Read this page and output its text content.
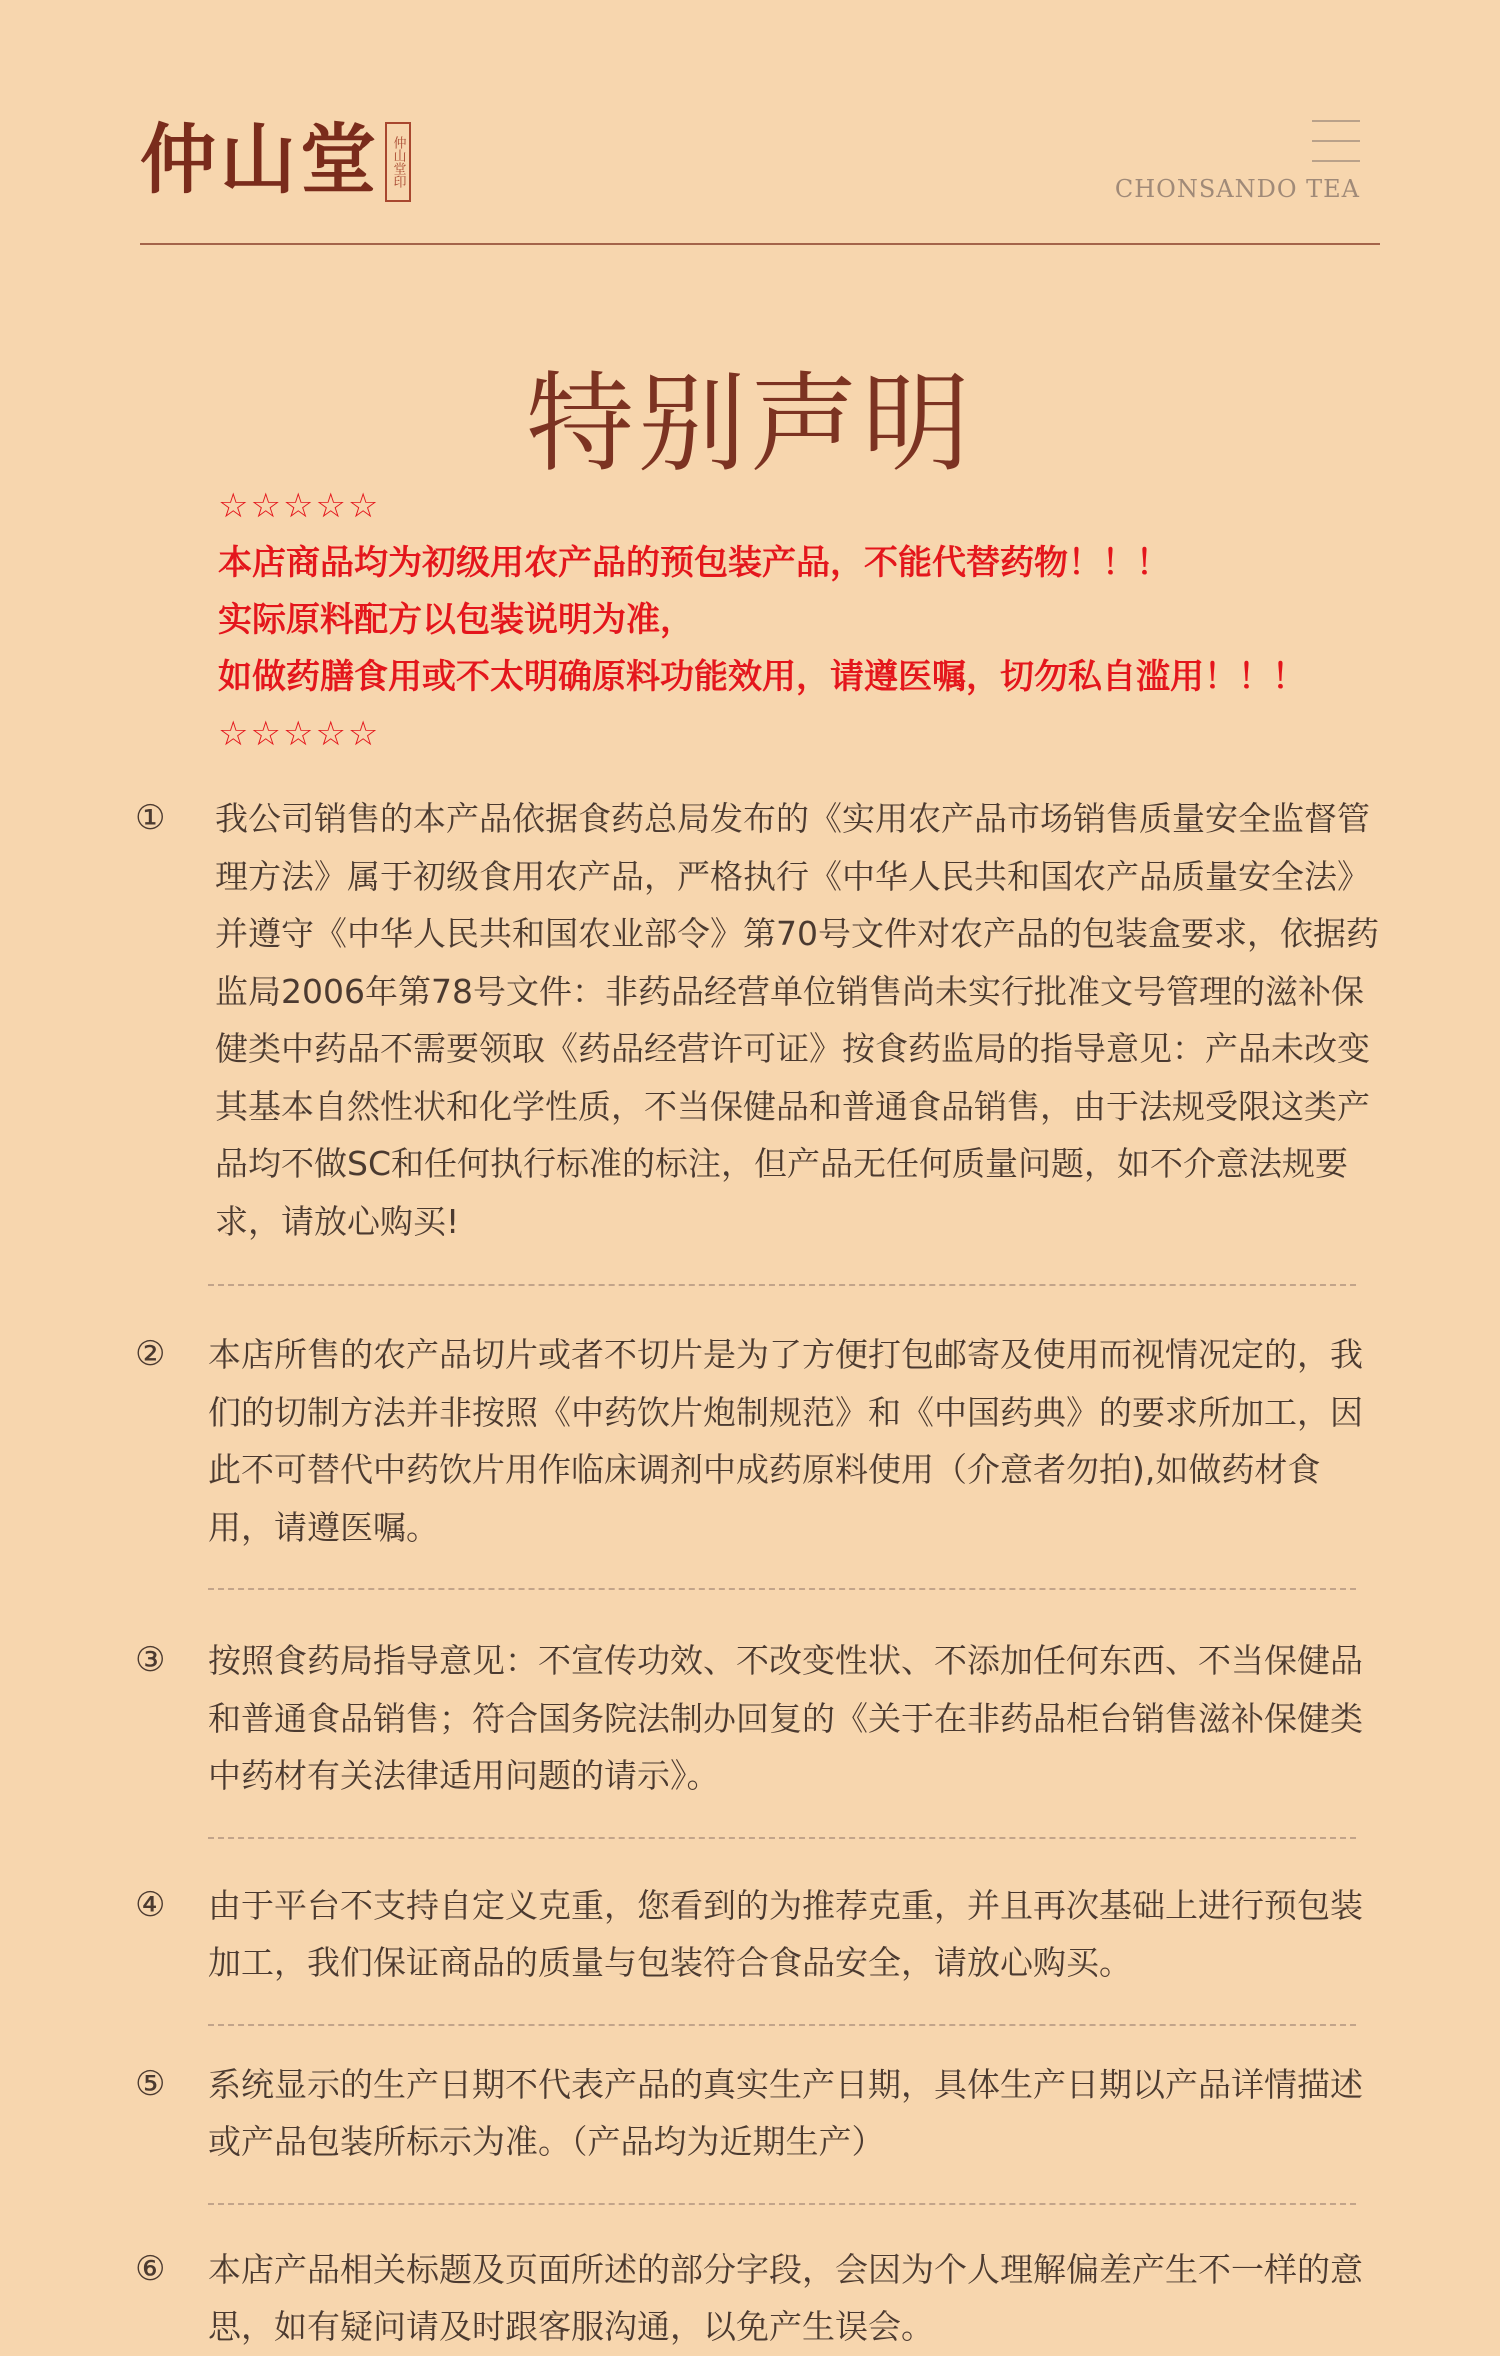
仲山堂 仲山堂印
CHONSANDO TEA
特别声明
☆☆☆☆☆
本店商品均为初级用农产品的预包装产品，不能代替药物！！！
实际原料配方以包装说明为准，
如做药膳食用或不太明确原料功能效用，请遵医嘱，切勿私自滥用！！！
☆☆☆☆☆
① 我公司销售的本产品依据食药总局发布的《实用农产品市场销售质量安全监督管理方法》属于初级食用农产品，严格执行《中华人民共和国农产品质量安全法》并遵守《中华人民共和国农业部令》第70号文件对农产品的包装盒要求，依据药监局2006年第78号文件：非药品经营单位销售尚未实行批准文号管理的滋补保健类中药品不需要领取《药品经营许可证》按食药监局的指导意见：产品未改变其基本自然性状和化学性质，不当保健品和普通食品销售，由于法规受限这类产品均不做SC和任何执行标准的标注，但产品无任何质量问题，如不介意法规要求，请放心购买!
② 本店所售的农产品切片或者不切片是为了方便打包邮寄及使用而视情况定的，我们的切制方法并非按照《中药饮片炮制规范》和《中国药典》的要求所加工，因此不可替代中药饮片用作临床调剂中成药原料使用（介意者勿拍),如做药材食用，请遵医嘱。
③ 按照食药局指导意见：不宣传功效、不改变性状、不添加任何东西、不当保健品和普通食品销售；符合国务院法制办回复的《关于在非药品柜台销售滋补保健类中药材有关法律适用问题的请示》。
④ 由于平台不支持自定义克重，您看到的为推荐克重，并且再次基础上进行预包装加工，我们保证商品的质量与包装符合食品安全，请放心购买。
⑤ 系统显示的生产日期不代表产品的真实生产日期，具体生产日期以产品详情描述或产品包装所标示为准。（产品均为近期生产）
⑥ 本店产品相关标题及页面所述的部分字段，会因为个人理解偏差产生不一样的意思，如有疑问请及时跟客服沟通，以免产生误会。
